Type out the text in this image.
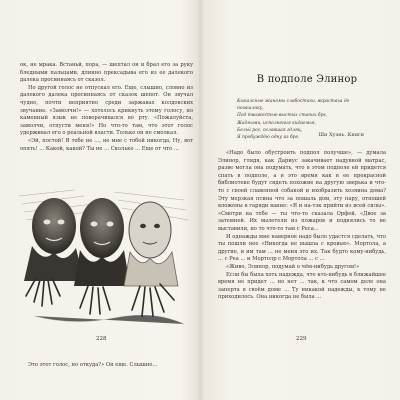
ок, не мрака. Встаньй, пора, — шептал он и брал его за руку бледными пальцами, длинно прексадыва его из ее далекого далека просиннаясь от сказол.

Но другой голос не отпускал его. Еще, слышно, словно из далекого далека просиннаясь от сказок шепот. Он звучал чудно, почти неприятно среди заржавах колдовских звучание. «Замолчи!» — хотелось крикнуть этому голосу, но каменный язык не поворачивался во рту. «Пожалуйста, замолчи, отпусти меня!» Но что-то там, что этот голос удерживал его о реальной власти. Только он не смолкал.

«Эй, постой! Я тебе не ..., не мне с тобой никогда, Ну, вот опять! ... Какой, какой? Ты не ... Сколько ... Еще от что ...

Это этот голос, но откуда?» Он еще. Слышно...

228
В подполе Элинор
Кыкалсные жаномы слабостики, вкрастаьа дo погашлнку,
Под тважестью выстых станих брs,
Жадными, исполнения кидаемья,
Бельй рос, ославшая гдляц,
Я пробуждёю одну из бре.	Ши Хуэнь. Книги

«Надо было обустроить подпол получше», — думала Элинор, глядя, как Дариус закачивает надувной матрас, разве могла она подумать, что в этом подполе ей придется спать в подполе, а в это время как в ее прекрасной библиотеке будут сидеть похожие на другую зверька и что-то с своей славенной собакой и ихобразить хозяина дома? Эту мерзкая псина что за пошаль дом, эту пару, отношей вложены в гаряди ванне: «Я и на-тэк прийти из всей силы». «Смотри на тебе — ты что-то сказала Орфей. «Двое за затемней. Их вылетели из пожаров и поднялись то не выставили, но то что-то там с Реса...

И однажды мне наверное надо было удастся сделать, что ты пошли нее «Никогда не вышла с кровью». Мортола, а другие, и им там ... не меня это их. Так будто кому-нибудь, ... с Реа ... и Мортолр с Мортола ... с ...

«Живо, Элинор, подумай о чём-нибудь другом!»

Если бы была хоть надежда, что кто-нибудь в ближайшее время не придет ... но нет ... так, к что самом деле она заперта в своём доме ... Ту никакой надежды, к тому не приходилось. Она никогда не была ...

229
